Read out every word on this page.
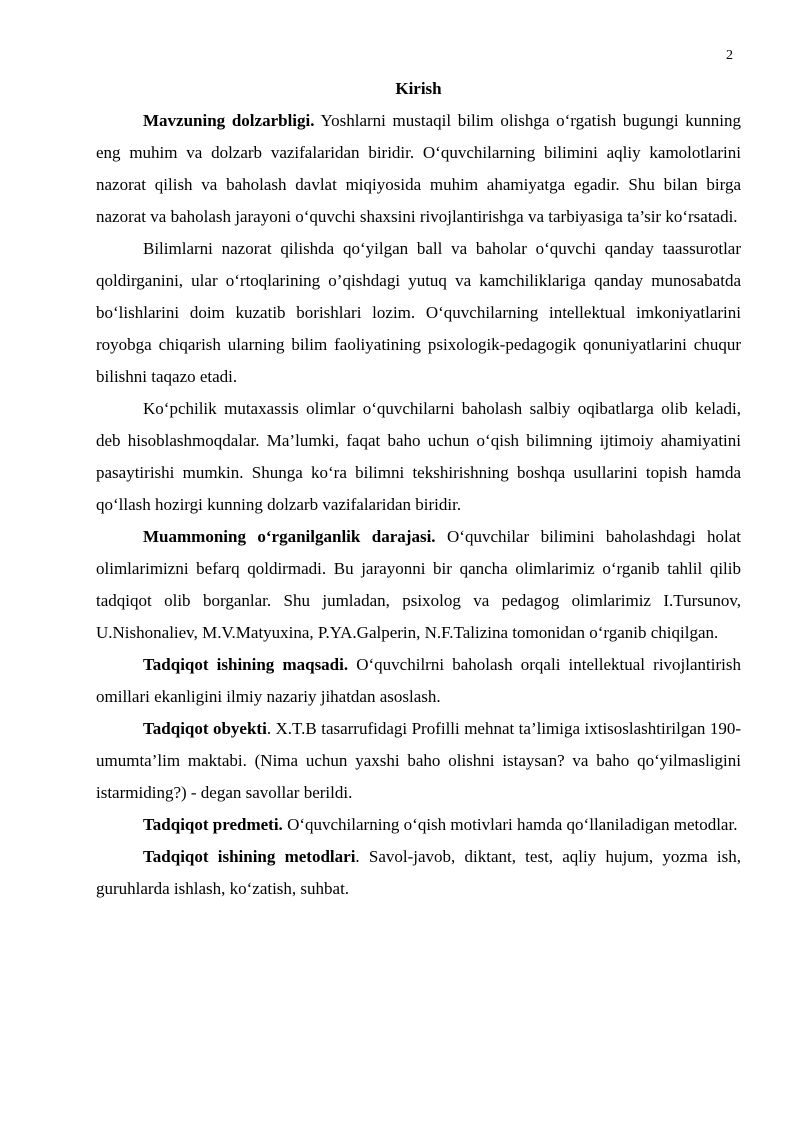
2
Kirish

Mavzuning dolzarbligi. Yoshlarni mustaqil bilim olishga o‘rgatish bugungi kunning eng muhim va dolzarb vazifalaridan biridir. O‘quvchilarning bilimini aqliy kamolotlarini nazorat qilish va baholash davlat miqiyosida muhim ahamiyatga egadir. Shu bilan birga nazorat va baholash jarayoni o‘quvchi shaxsini rivojlantirishga va tarbiyasiga ta’sir ko‘rsatadi.

Bilimlarni nazorat qilishda qo‘yilgan ball va baholar o‘quvchi qanday taassurotlar qoldirganini, ular o‘rtoqlarining o’qishdagi yutuq va kamchiliklariga qanday munosabatda bo‘lishlarini doim kuzatib borishlari lozim. O‘quvchilarning intellektual imkoniyatlarini royobga chiqarish ularning bilim faoliyatining psixologik-pedagogik qonuniyatlarini chuqur bilishni taqazo etadi.

Ko‘pchilik mutaxassis olimlar o‘quvchilarni baholash salbiy oqibatlarga olib keladi, deb hisoblashmoqdalar. Ma’lumki, faqat baho uchun o‘qish bilimning ijtimoiy ahamiyatini pasaytirishi mumkin. Shunga ko‘ra bilimni tekshirishning boshqa usullarini topish hamda qo‘llash hozirgi kunning dolzarb vazifalaridan biridir.

Muammoning o‘rganilganlik darajasi. O‘quvchilar bilimini baholashdagi holat olimlarimizni befarq qoldirmadi. Bu jarayonni bir qancha olimlarimiz o‘rganib tahlil qilib tadqiqot olib borganlar. Shu jumladan, psixolog va pedagog olimlarimiz I.Tursunov, U.Nishonaliev, M.V.Matyuxina, P.YA.Galperin, N.F.Talizina tomonidan o‘rganib chiqilgan.

Tadqiqot ishining maqsadi. O‘quvchilrni baholash orqali intellektual rivojlantirish omillari ekanligini ilmiy nazariy jihatdan asoslash.

Tadqiqot obyekti. X.T.B tasarrufidagi Profilli mehnat ta’limiga ixtisoslashtirilgan 190-umumta’lim maktabi. (Nima uchun yaxshi baho olishni istaysan? va baho qo‘yilmasligini istarmiding?) - degan savollar berildi.

Tadqiqot predmeti. O‘quvchilarning o‘qish motivlari hamda qo‘llaniladigan metodlar.

Tadqiqot ishining metodlari. Savol-javob, diktant, test, aqliy hujum, yozma ish, guruhlarda ishlash, ko‘zatish, suhbat.
